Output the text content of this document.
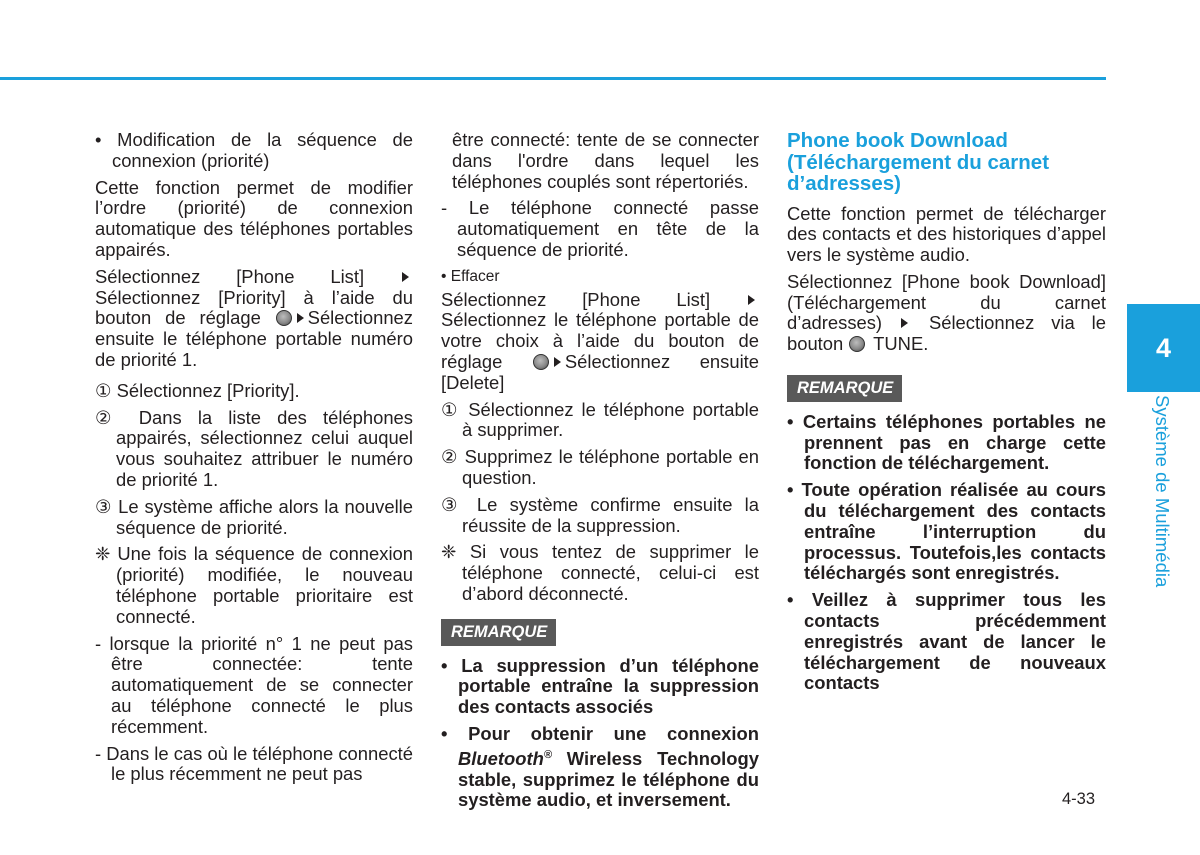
• Modification de la séquence de connexion (priorité)

Cette fonction permet de modifier l’ordre (priorité) de connexion automatique des téléphones portables appairés.

Sélectionnez [Phone List]  Sélectionnez [Priority] à l’aide du bouton de réglage	Sélectionnez ensuite le téléphone portable numéro de priorité 1.

① Sélectionnez [Priority].

② Dans la liste des téléphones appairés, sélectionnez celui auquel vous souhaitez attribuer le numéro de priorité 1.

③ Le système affiche alors la nouvelle séquence de priorité.

❈ Une fois la séquence de connexion (priorité) modifiée, le nouveau téléphone portable prioritaire est connecté.

- lorsque la priorité n° 1 ne peut pas être connectée: tente automatiquement de se connecter au téléphone connecté le plus récemment.

- Dans le cas où le téléphone connecté le plus récemment ne peut pas

être connecté: tente de se connecter dans l'ordre dans lequel les téléphones couplés sont répertoriés.

- Le téléphone connecté passe automatiquement en tête de la séquence de priorité.

• Effacer

Sélectionnez [Phone List]  Sélectionnez le téléphone portable de votre choix à l’aide du bouton de réglage	Sélectionnez ensuite [Delete]

① Sélectionnez le téléphone portable à supprimer.

② Supprimez le téléphone portable en question.

③ Le système confirme ensuite la réussite de la suppression.

❈ Si vous tentez de supprimer le téléphone connecté, celui-ci est d’abord déconnecté.

REMARQUE

• La suppression d’un téléphone portable entraîne la suppression des contacts associés

• Pour obtenir une connexion Bluetooth® Wireless Technology stable, supprimez le téléphone du système audio, et inversement.

Phone book Download (Téléchargement du carnet d’adresses)

Cette fonction permet de télécharger des contacts et des historiques d’appel vers le système audio.

Sélectionnez [Phone book Download] (Téléchargement du carnet d’adresses)	Sélectionnez via le bouton TUNE.

REMARQUE

• Certains téléphones portables ne prennent pas en charge cette fonction de téléchargement.

• Toute opération réalisée au cours du téléchargement des contacts entraîne l’interruption du processus. Toutefois,les contacts téléchargés sont enregistrés.

• Veillez à supprimer tous les contacts précédemment enregistrés avant de lancer le téléchargement de nouveaux contacts

4
Système de Multimédia
4-33
